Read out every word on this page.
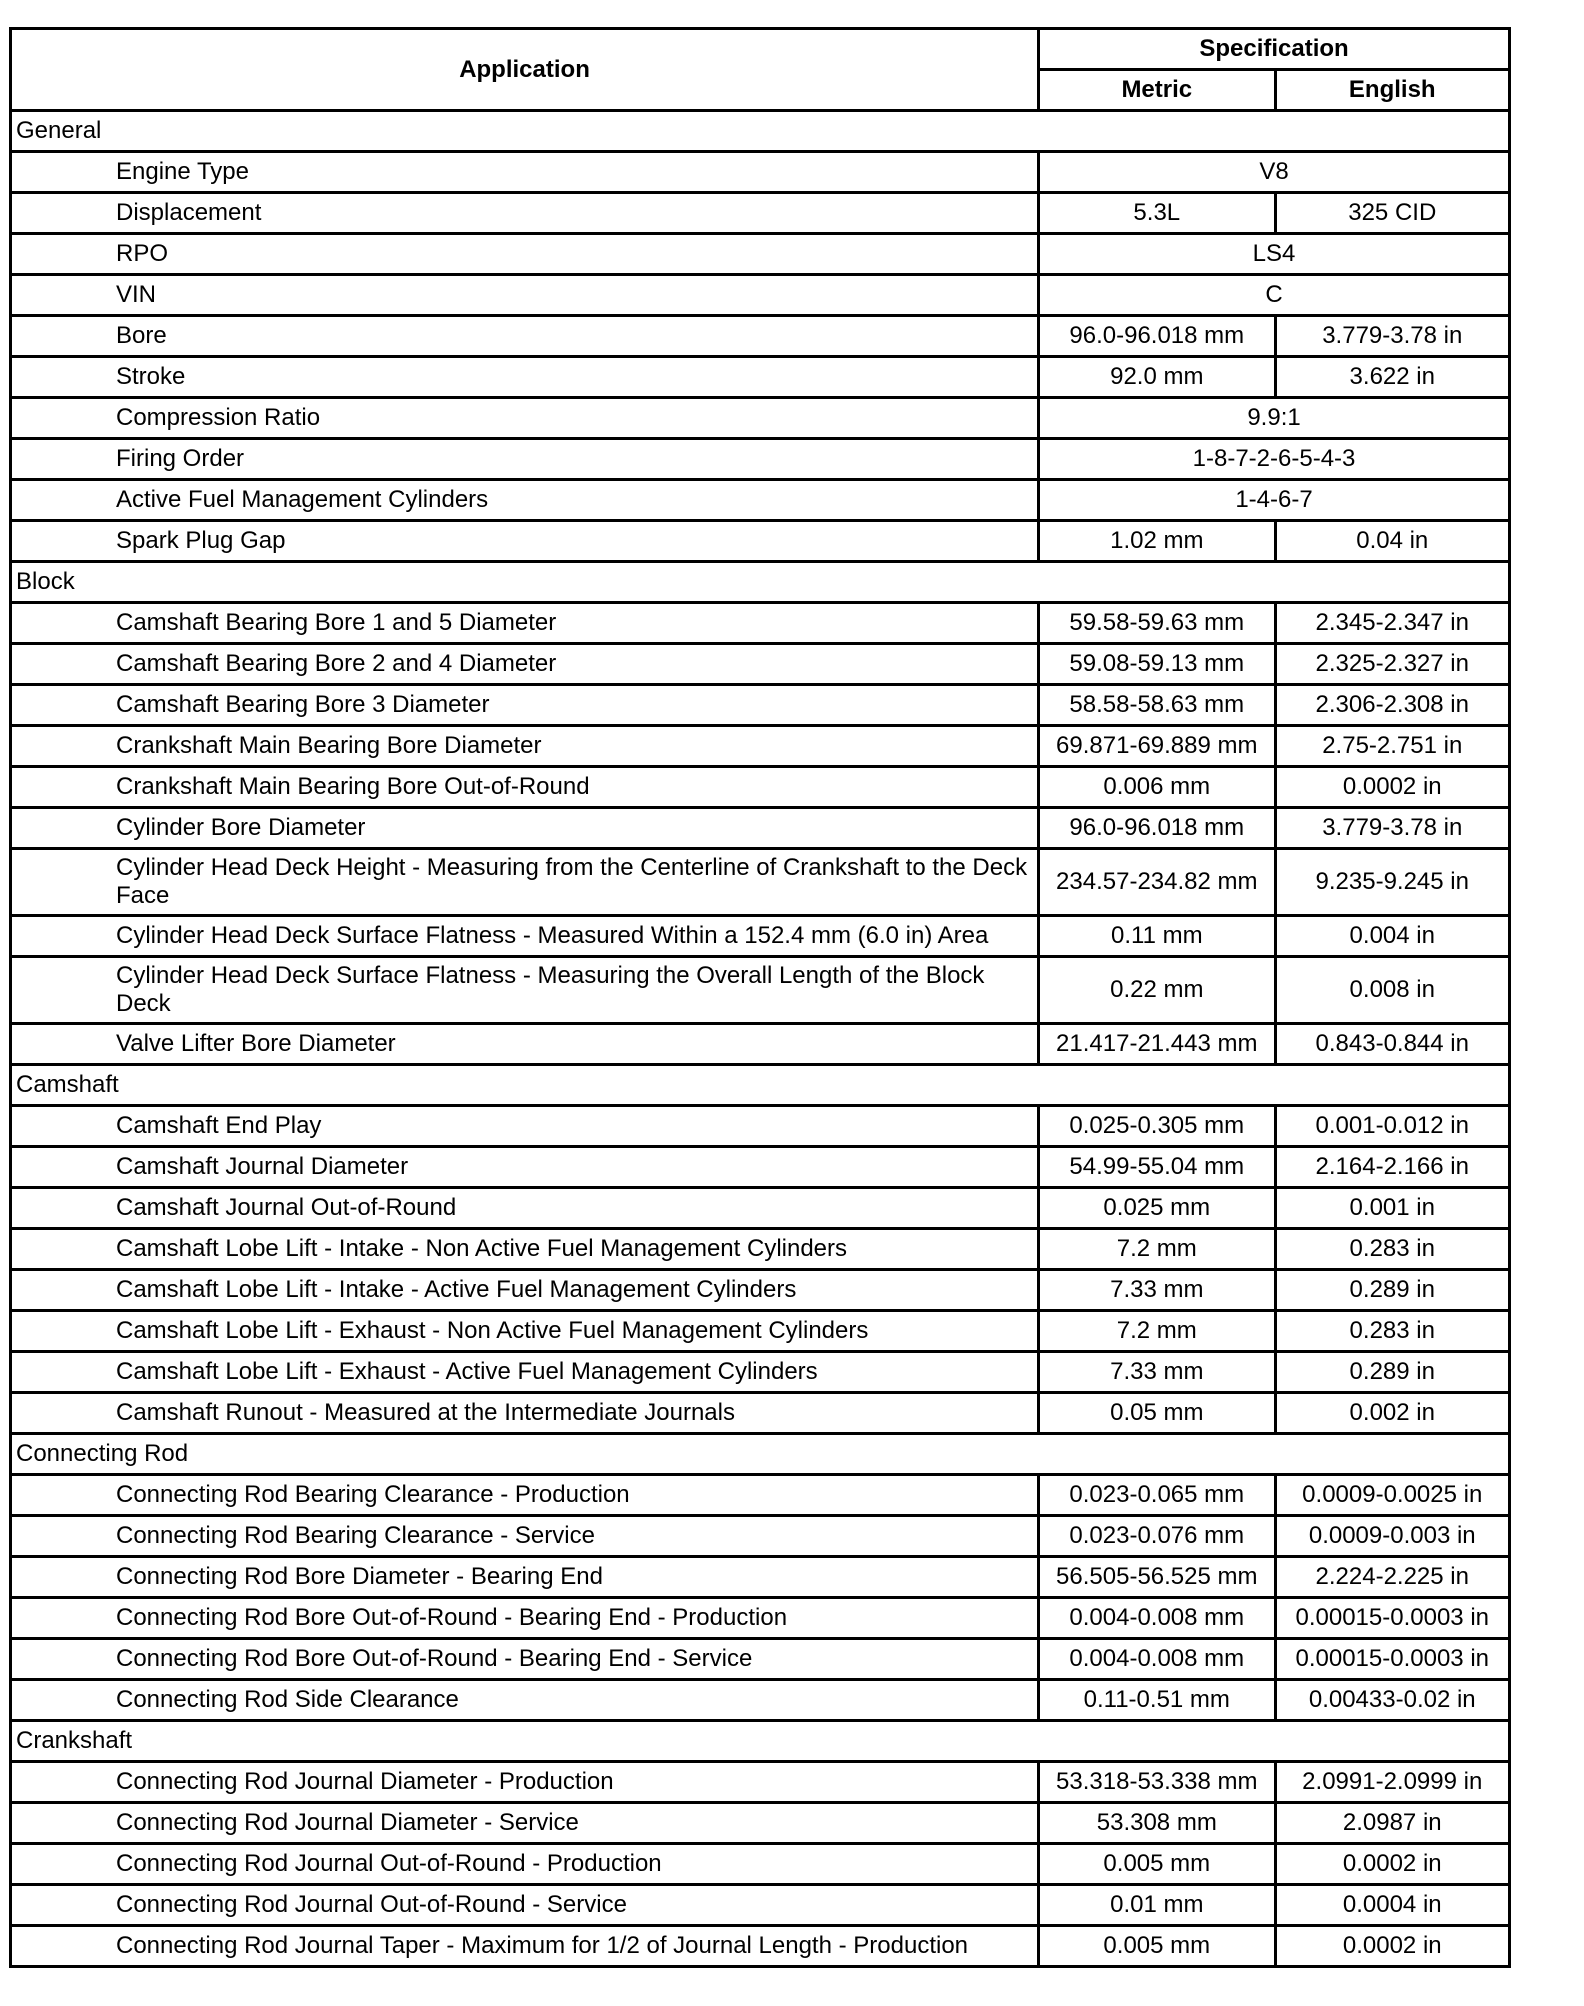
Application	Specification	
	Metric	English
General		
Engine Type	V8	
Displacement	5.3L	325 CID
RPO	LS4	
VIN	C	
Bore	96.0-96.018 mm	3.779-3.78 in
Stroke	92.0 mm	3.622 in
Compression Ratio	9.9:1	
Firing Order	1-8-7-2-6-5-4-3	
Active Fuel Management Cylinders	1-4-6-7	
Spark Plug Gap	1.02 mm	0.04 in
Block		
Camshaft Bearing Bore 1 and 5 Diameter	59.58-59.63 mm	2.345-2.347 in
Camshaft Bearing Bore 2 and 4 Diameter	59.08-59.13 mm	2.325-2.327 in
Camshaft Bearing Bore 3 Diameter	58.58-58.63 mm	2.306-2.308 in
Crankshaft Main Bearing Bore Diameter	69.871-69.889 mm	2.75-2.751 in
Crankshaft Main Bearing Bore Out-of-Round	0.006 mm	0.0002 in
Cylinder Bore Diameter	96.0-96.018 mm	3.779-3.78 in
Cylinder Head Deck Height - Measuring from the Centerline of Crankshaft to the Deck Face	234.57-234.82 mm	9.235-9.245 in
Cylinder Head Deck Surface Flatness - Measured Within a 152.4 mm (6.0 in) Area	0.11 mm	0.004 in
Cylinder Head Deck Surface Flatness - Measuring the Overall Length of the Block Deck	0.22 mm	0.008 in
Valve Lifter Bore Diameter	21.417-21.443 mm	0.843-0.844 in
Camshaft		
Camshaft End Play	0.025-0.305 mm	0.001-0.012 in
Camshaft Journal Diameter	54.99-55.04 mm	2.164-2.166 in
Camshaft Journal Out-of-Round	0.025 mm	0.001 in
Camshaft Lobe Lift - Intake - Non Active Fuel Management Cylinders	7.2 mm	0.283 in
Camshaft Lobe Lift - Intake - Active Fuel Management Cylinders	7.33 mm	0.289 in
Camshaft Lobe Lift - Exhaust - Non Active Fuel Management Cylinders	7.2 mm	0.283 in
Camshaft Lobe Lift - Exhaust - Active Fuel Management Cylinders	7.33 mm	0.289 in
Camshaft Runout - Measured at the Intermediate Journals	0.05 mm	0.002 in
Connecting Rod		
Connecting Rod Bearing Clearance - Production	0.023-0.065 mm	0.0009-0.0025 in
Connecting Rod Bearing Clearance - Service	0.023-0.076 mm	0.0009-0.003 in
Connecting Rod Bore Diameter - Bearing End	56.505-56.525 mm	2.224-2.225 in
Connecting Rod Bore Out-of-Round - Bearing End - Production	0.004-0.008 mm	0.00015-0.0003 in
Connecting Rod Bore Out-of-Round - Bearing End - Service	0.004-0.008 mm	0.00015-0.0003 in
Connecting Rod Side Clearance	0.11-0.51 mm	0.00433-0.02 in
Crankshaft		
Connecting Rod Journal Diameter - Production	53.318-53.338 mm	2.0991-2.0999 in
Connecting Rod Journal Diameter - Service	53.308 mm	2.0987 in
Connecting Rod Journal Out-of-Round - Production	0.005 mm	0.0002 in
Connecting Rod Journal Out-of-Round - Service	0.01 mm	0.0004 in
Connecting Rod Journal Taper - Maximum for 1/2 of Journal Length - Production	0.005 mm	0.0002 in
